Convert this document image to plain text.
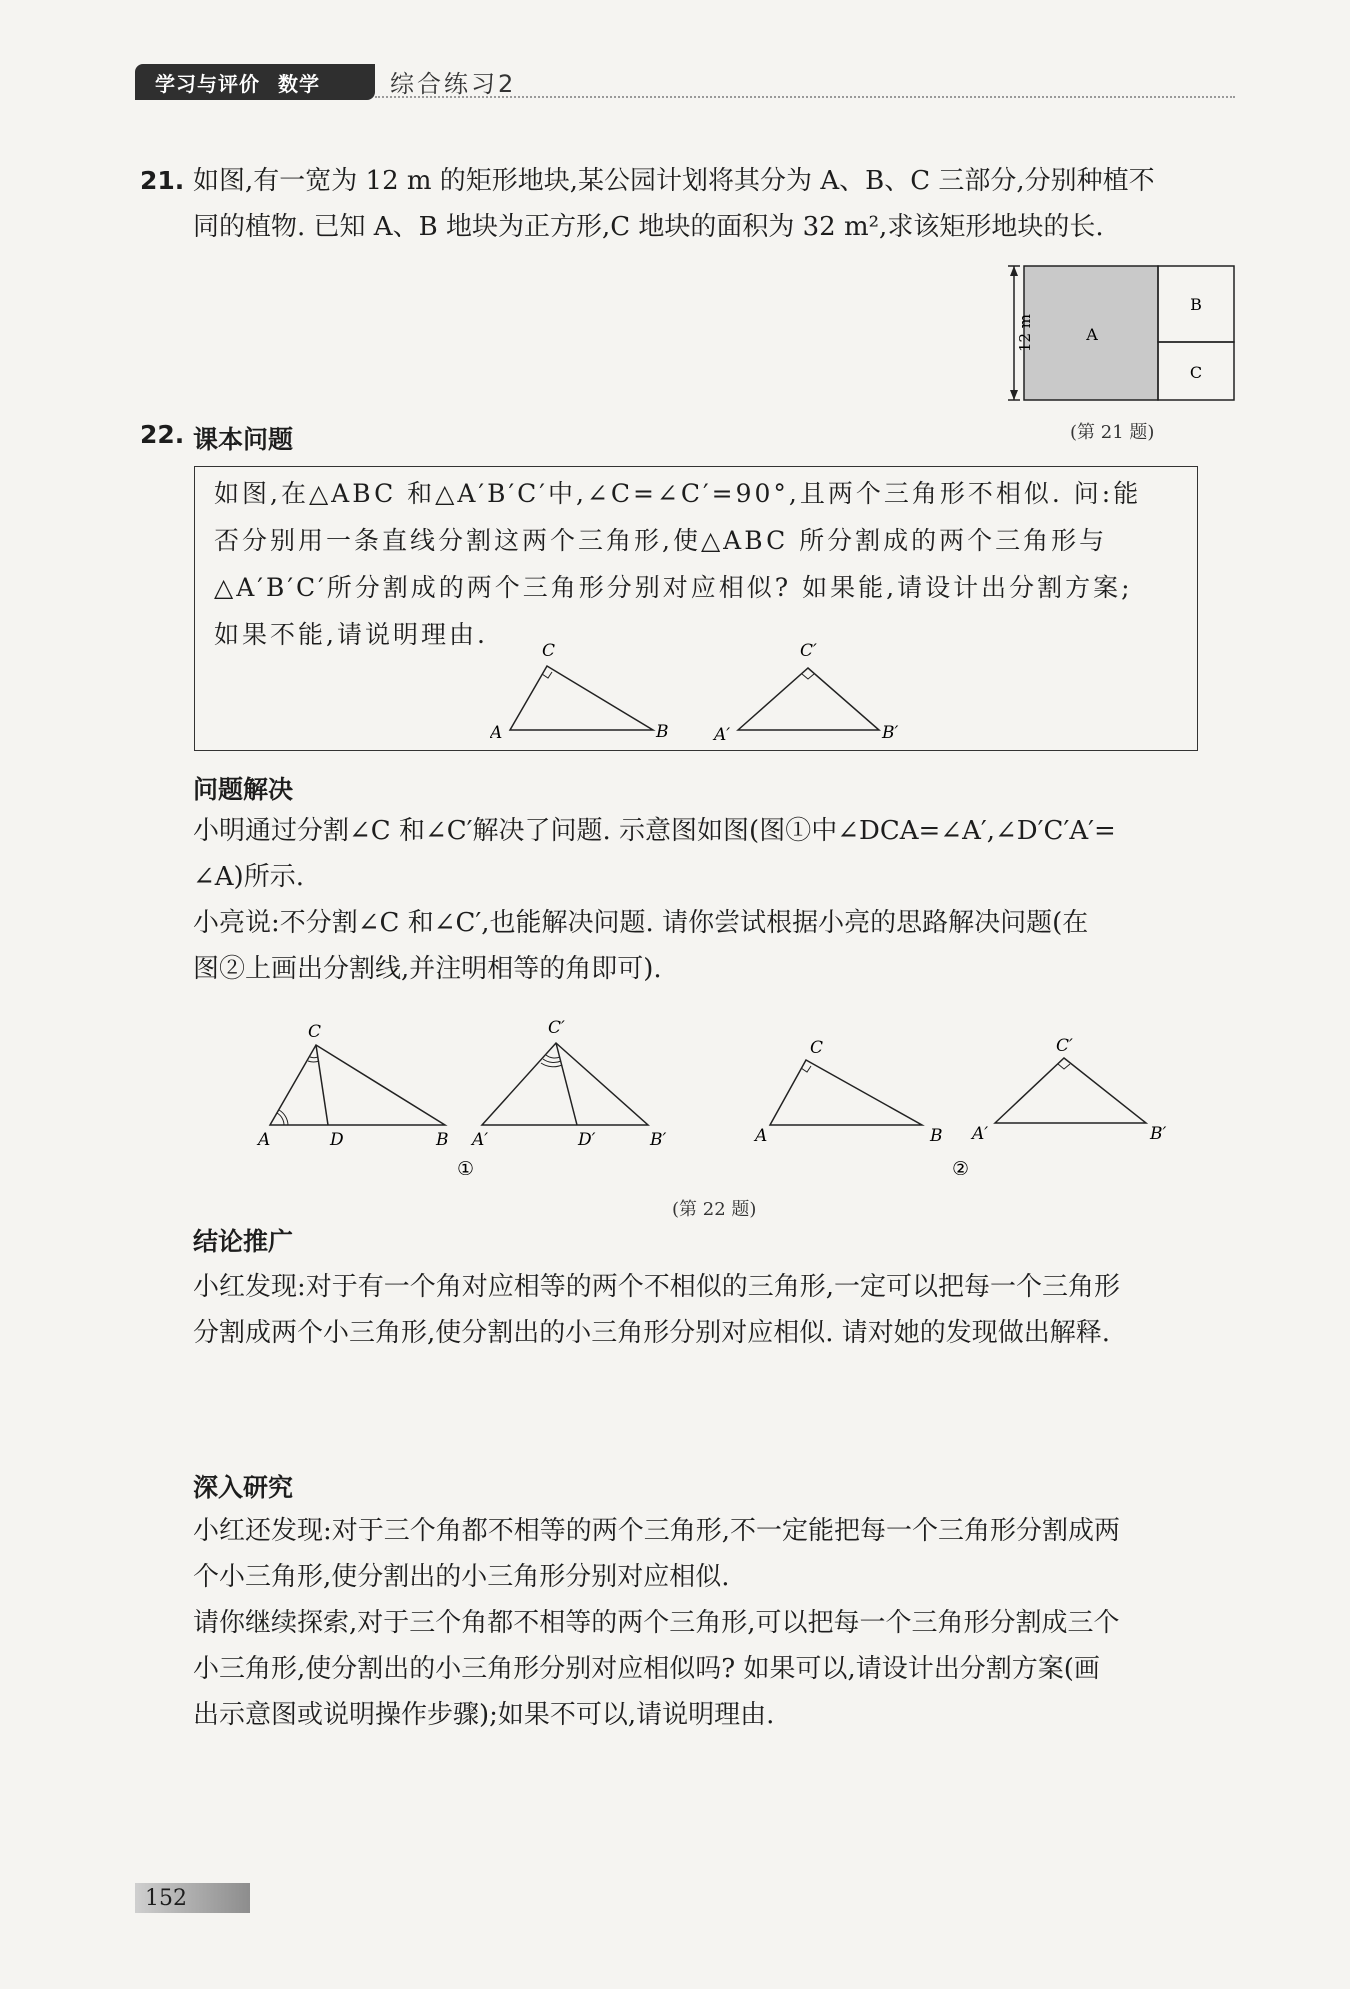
学习与评价 数学	综合练习2
21. 如图,有一宽为 12 m 的矩形地块,某公园计划将其分为 A、B、C 三部分,分别种植不
同的植物. 已知 A、B 地块为正方形,C 地块的面积为 32 m²,求该矩形地块的长.
A
B
C
12 m
(第 21 题)
22. 课本问题
如图,在△ABC 和△A′B′C′中,∠C=∠C′=90°,且两个三角形不相似. 问:能
否分别用一条直线分割这两个三角形,使△ABC 所分割成的两个三角形与
△A′B′C′所分割成的两个三角形分别对应相似? 如果能,请设计出分割方案;
如果不能,请说明理由.
C
A	B
C′
A′	B′
问题解决
小明通过分割∠C 和∠C′解决了问题. 示意图如图(图①中∠DCA=∠A′,∠D′C′A′=
∠A)所示.
小亮说:不分割∠C 和∠C′,也能解决问题. 请你尝试根据小亮的思路解决问题(在
图②上画出分割线,并注明相等的角即可).
C
A	D	B
C′
A′	D′	B′
①
C
A	B
C′
A′	B′
②
(第 22 题)
结论推广
小红发现:对于有一个角对应相等的两个不相似的三角形,一定可以把每一个三角形
分割成两个小三角形,使分割出的小三角形分别对应相似. 请对她的发现做出解释.
深入研究
小红还发现:对于三个角都不相等的两个三角形,不一定能把每一个三角形分割成两
个小三角形,使分割出的小三角形分别对应相似.
请你继续探索,对于三个角都不相等的两个三角形,可以把每一个三角形分割成三个
小三角形,使分割出的小三角形分别对应相似吗? 如果可以,请设计出分割方案(画
出示意图或说明操作步骤);如果不可以,请说明理由.
152
